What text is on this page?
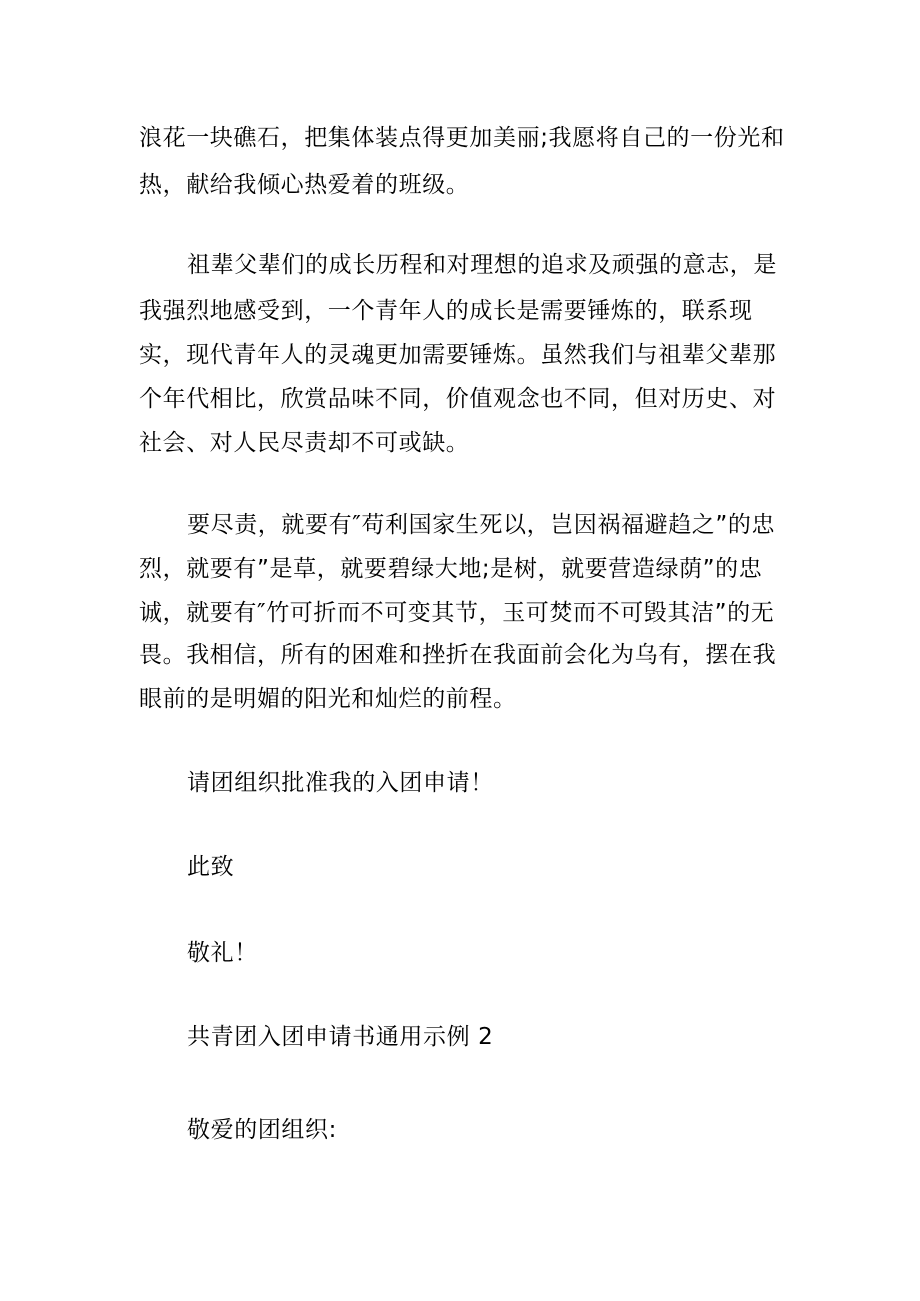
浪花一块礁石，把集体装点得更加美丽;我愿将自己的一份光和
热，献给我倾心热爱着的班级。
祖辈父辈们的成长历程和对理想的追求及顽强的意志，是
我强烈地感受到，一个青年人的成长是需要锤炼的，联系现
实，现代青年人的灵魂更加需要锤炼。虽然我们与祖辈父辈那
个年代相比，欣赏品味不同，价值观念也不同，但对历史、对
社会、对人民尽责却不可或缺。
要尽责，就要有″苟利国家生死以，岂因祸福避趋之”的忠
烈，就要有”是草，就要碧绿大地;是树，就要营造绿荫”的忠
诚，就要有″竹可折而不可变其节，玉可焚而不可毁其洁”的无
畏。我相信，所有的困难和挫折在我面前会化为乌有，摆在我
眼前的是明媚的阳光和灿烂的前程。
请团组织批准我的入团申请！
此致
敬礼！
共青团入团申请书通用示例 2
敬爱的团组织:
